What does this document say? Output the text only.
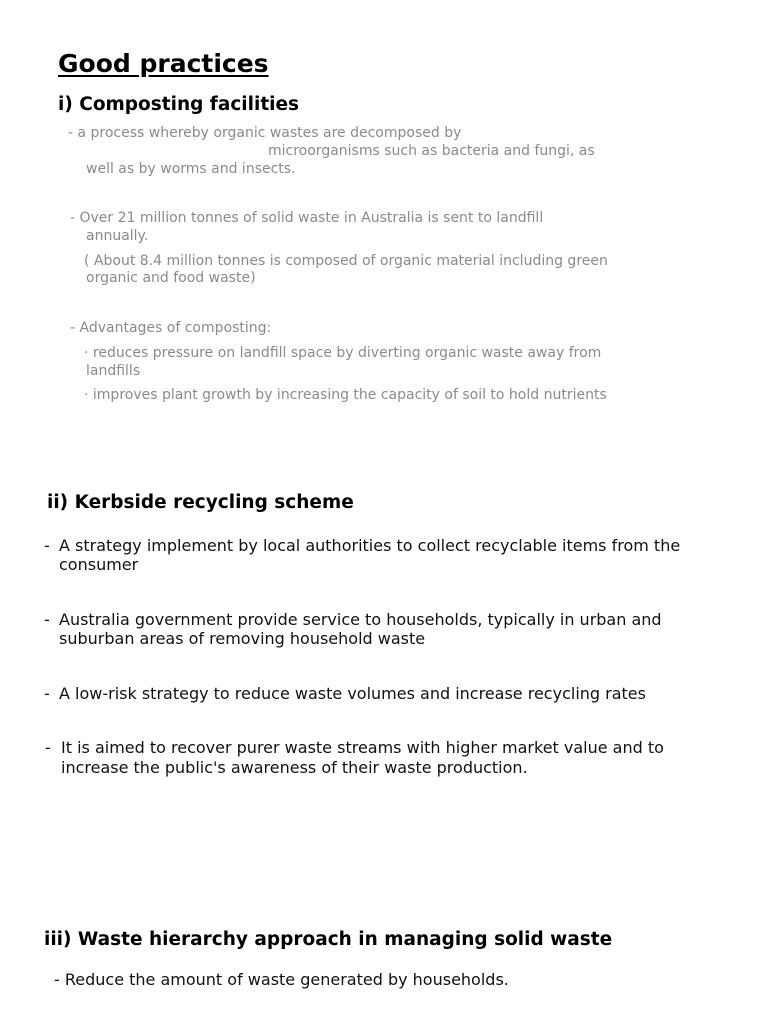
Good practices
i) Composting facilities
- a process whereby organic wastes are decomposed by
microorganisms such as bacteria and fungi, as
well as by worms and insects.
- Over 21 million tonnes of solid waste in Australia is sent to landfill
annually.
( About 8.4 million tonnes is composed of organic material including green
organic and food waste)
- Advantages of composting:
· reduces pressure on landfill space by diverting organic waste away from
landfills
· improves plant growth by increasing the capacity of soil to hold nutrients
ii) Kerbside recycling scheme
- A strategy implement by local authorities to collect recyclable items from the
consumer
- Australia government provide service to households, typically in urban and
suburban areas of removing household waste
- A low-risk strategy to reduce waste volumes and increase recycling rates
- It is aimed to recover purer waste streams with higher market value and to
increase the public's awareness of their waste production.
iii) Waste hierarchy approach in managing solid waste
- Reduce the amount of waste generated by households.
